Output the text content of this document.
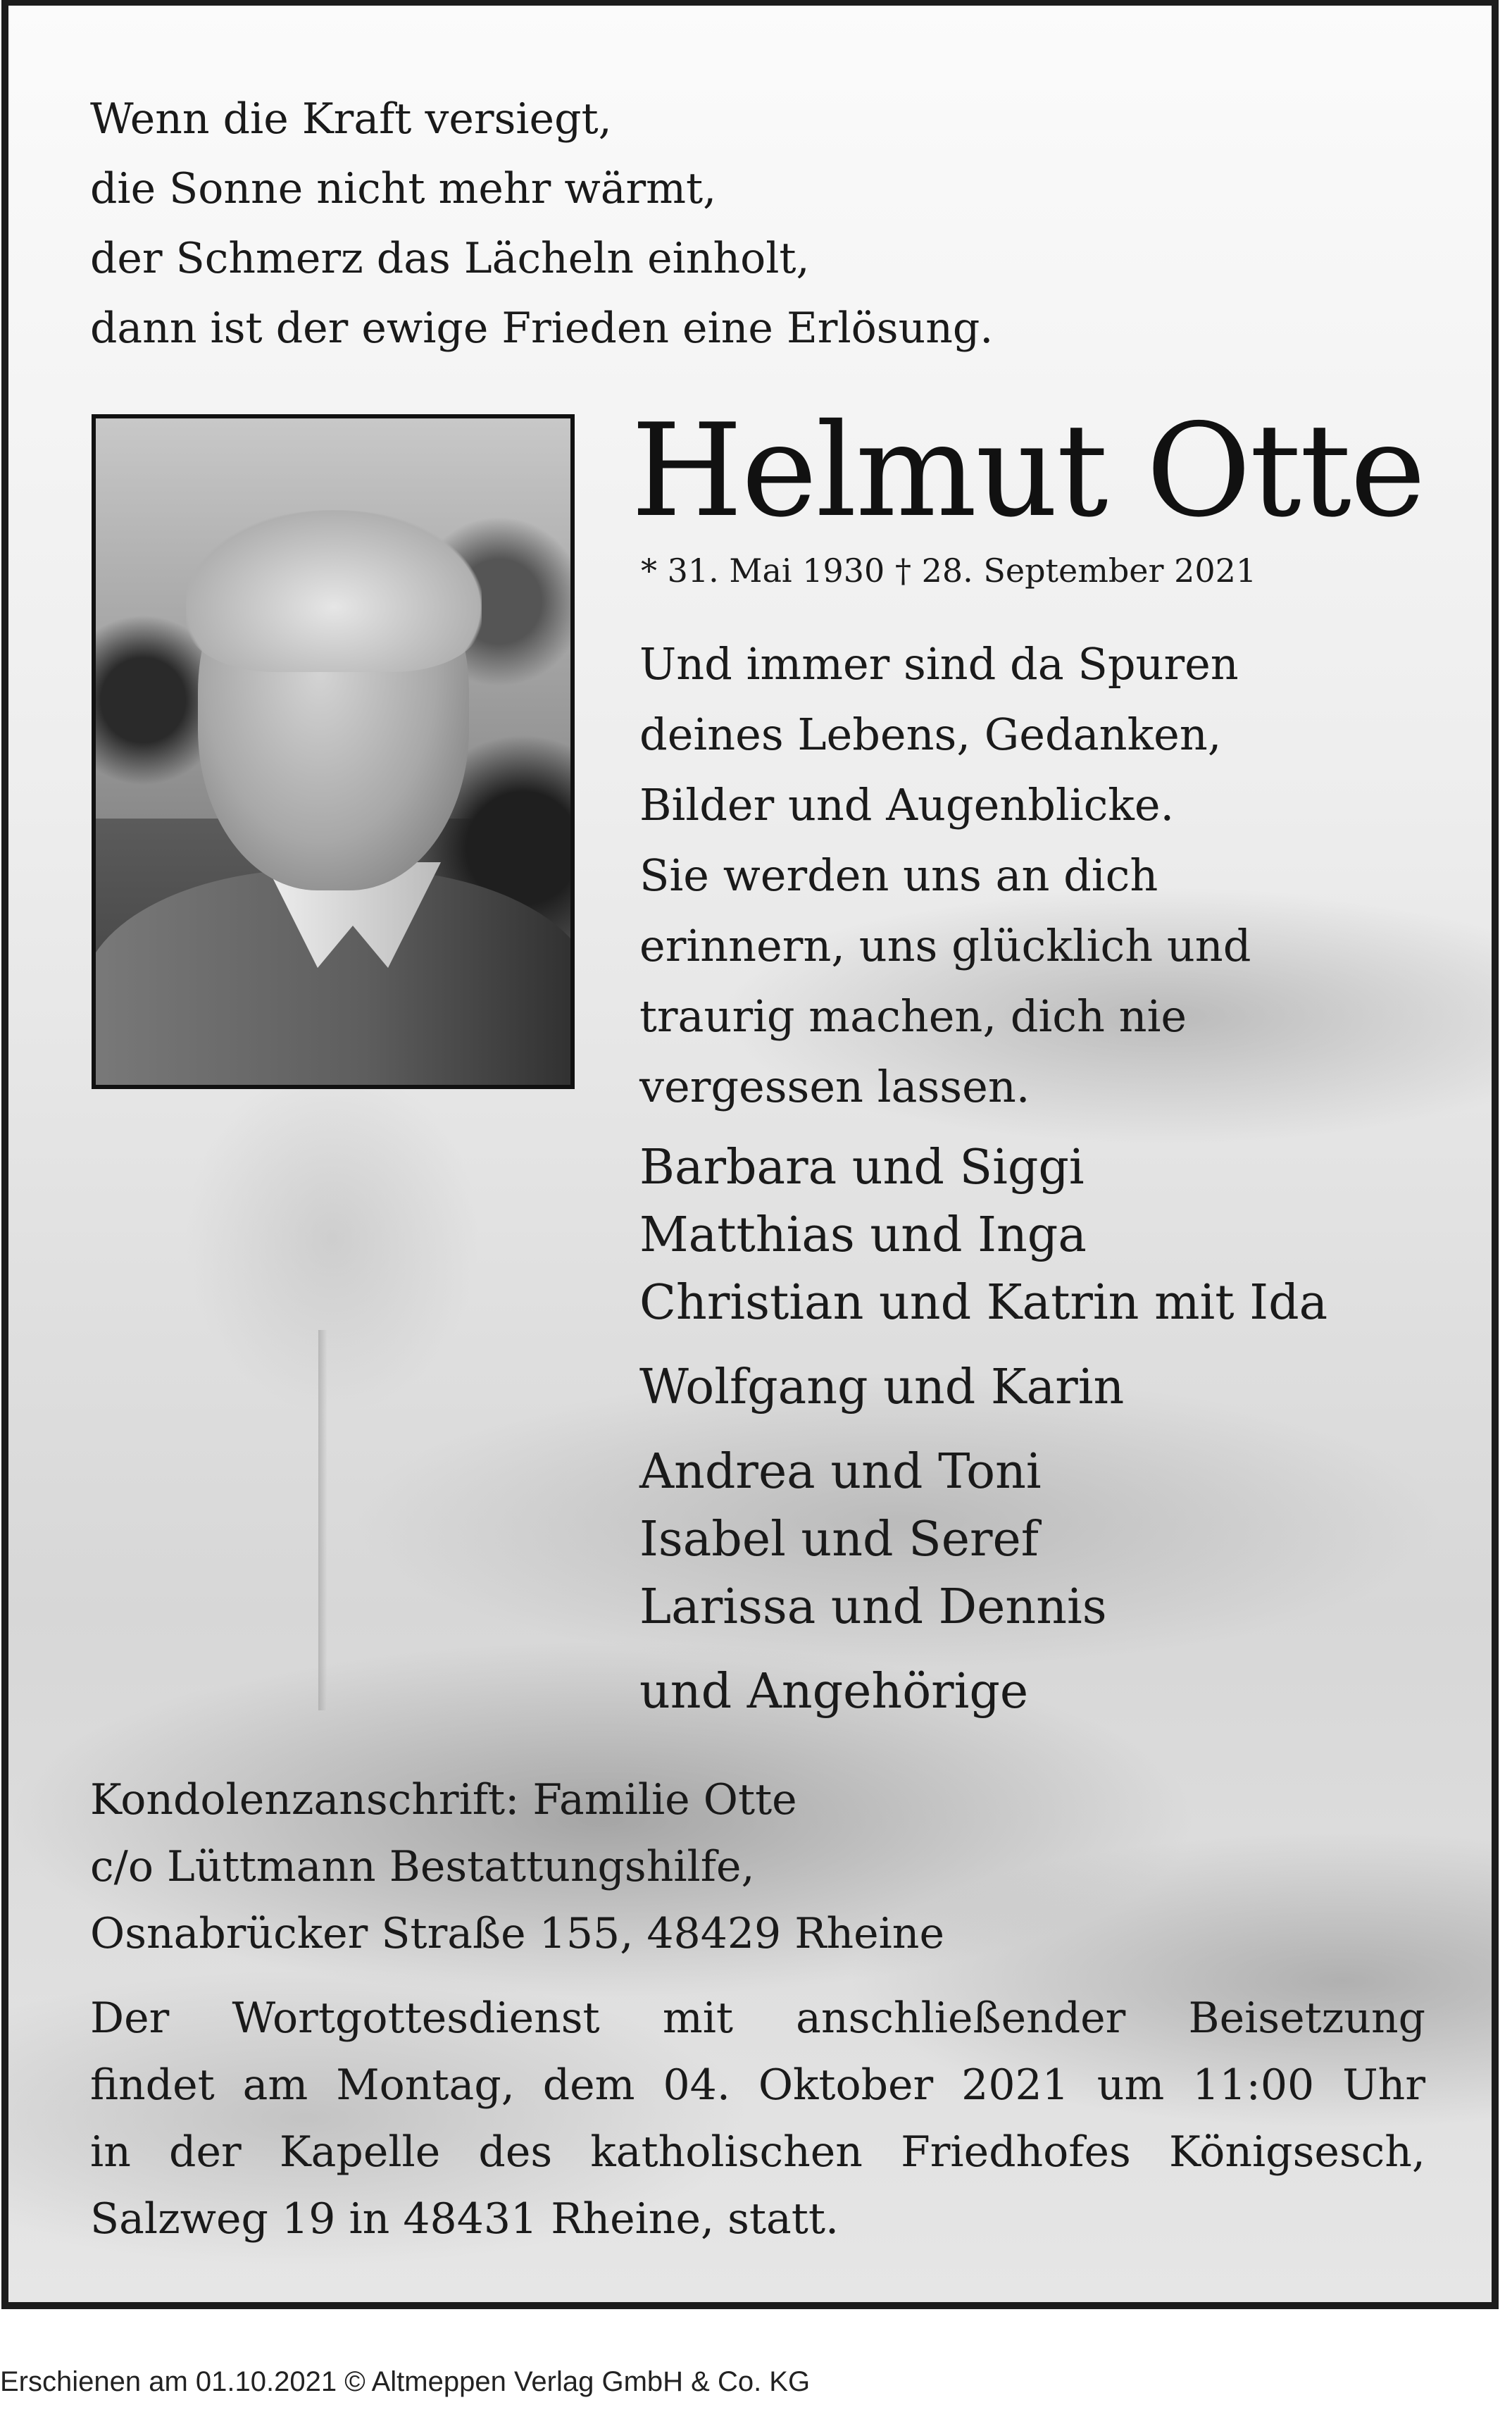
Wenn die Kraft versiegt,
die Sonne nicht mehr wärmt,
der Schmerz das Lächeln einholt,
dann ist der ewige Frieden eine Erlösung.
Helmut Otte
* 31. Mai 1930 † 28. September 2021
Und immer sind da Spuren
deines Lebens, Gedanken,
Bilder und Augenblicke.
Sie werden uns an dich
erinnern, uns glücklich und
traurig machen, dich nie
vergessen lassen.
Barbara und Siggi
Matthias und Inga
Christian und Katrin mit Ida
Wolfgang und Karin
Andrea und Toni
Isabel und Seref
Larissa und Dennis
und Angehörige
Kondolenzanschrift: Familie Otte
c/o Lüttmann Bestattungshilfe,
Osnabrücker Straße 155, 48429 Rheine
Der Wortgottesdienst mit anschließender Beisetzung
findet am Montag, dem 04. Oktober 2021 um 11:00 Uhr
in der Kapelle des katholischen Friedhofes Königsesch,
Salzweg 19 in 48431 Rheine, statt.
Erschienen am 01.10.2021 © Altmeppen Verlag GmbH & Co. KG
